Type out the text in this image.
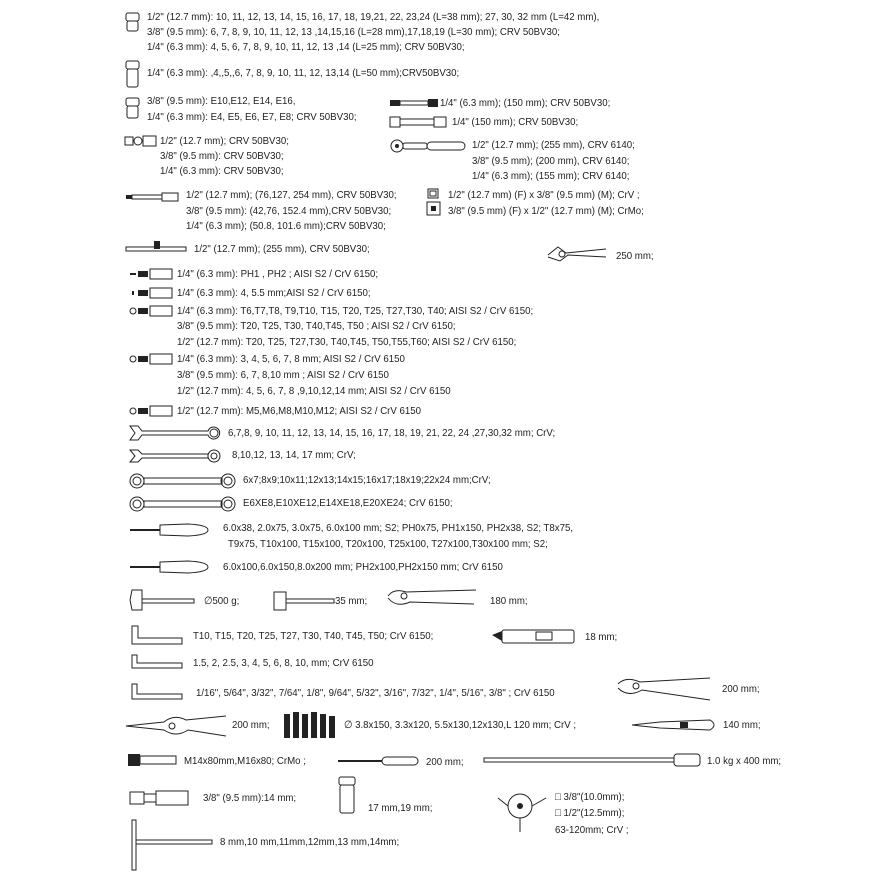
1/2" (12.7 mm): 10, 11, 12, 13, 14, 15, 16, 17, 18, 19,21, 22, 23,24 (L=38 mm); 27, 30, 32 mm (L=42 mm),
3/8" (9.5 mm): 6, 7, 8, 9, 10, 11, 12, 13 ,14,15,16 (L=28 mm),17,18,19 (L=30 mm); CRV 50BV30;
1/4" (6.3 mm): 4, 5, 6, 7, 8, 9, 10, 11, 12, 13 ,14 (L=25 mm); CRV 50BV30;
1/4" (6.3 mm): ,4,,5,,6, 7, 8, 9, 10, 11, 12, 13,14 (L=50 mm);CRV50BV30;
3/8" (9.5 mm): E10,E12, E14, E16,
1/4" (6.3 mm): E4, E5, E6, E7, E8; CRV 50BV30;
1/4" (6.3 mm); (150 mm); CRV 50BV30;
1/4" (150 mm); CRV 50BV30;
1/2" (12.7 mm); CRV 50BV30;
3/8" (9.5 mm): CRV 50BV30;
1/4" (6.3 mm): CRV 50BV30;
1/2" (12.7 mm); (255 mm), CRV 6140;
3/8" (9.5 mm); (200 mm), CRV 6140;
1/4" (6.3 mm); (155 mm); CRV 6140;
1/2" (12.7 mm); (76,127, 254 mm), CRV 50BV30;
3/8" (9.5 mm): (42,76, 152.4 mm),CRV 50BV30;
1/4" (6.3 mm); (50.8, 101.6 mm);CRV 50BV30;
1/2" (12.7 mm) (F) x 3/8" (9.5 mm) (M); CrV ;
3/8" (9.5 mm) (F) x 1/2" (12.7 mm) (M); CrMo;
1/2" (12.7 mm); (255 mm), CRV 50BV30;
250 mm;
1/4" (6.3 mm): PH1 , PH2 ; AISI S2 / CrV 6150;
1/4" (6.3 mm): 4, 5.5 mm;AISI S2 / CrV 6150;
1/4" (6.3 mm): T6,T7,T8, T9,T10, T15, T20, T25, T27,T30, T40; AISI S2 / CrV 6150;
3/8" (9.5 mm): T20, T25, T30, T40,T45, T50 ; AISI S2 / CrV 6150;
1/2" (12.7 mm): T20, T25, T27,T30, T40,T45, T50,T55,T60; AISI S2 / CrV 6150;
1/4" (6.3 mm): 3, 4, 5, 6, 7, 8 mm; AISI S2 / CrV 6150
3/8" (9.5 mm): 6, 7, 8,10 mm ; AISI S2 / CrV 6150
1/2" (12.7 mm): 4, 5, 6, 7, 8 ,9,10,12,14 mm; AISI S2 / CrV 6150
1/2" (12.7 mm): M5,M6,M8,M10,M12; AISI S2 / CrV 6150
6,7,8, 9, 10, 11, 12, 13, 14, 15, 16, 17, 18, 19, 21, 22, 24 ,27,30,32 mm; CrV;
8,10,12, 13, 14, 17 mm; CrV;
6x7;8x9;10x11;12x13;14x15;16x17;18x19;22x24 mm;CrV;
E6XE8,E10XE12,E14XE18,E20XE24; CrV 6150;
6.0x38, 2.0x75, 3.0x75, 6.0x100 mm; S2; PH0x75, PH1x150, PH2x38, S2; T8x75,
T9x75, T10x100, T15x100, T20x100, T25x100, T27x100,T30x100 mm; S2;
6.0x100,6.0x150,8.0x200 mm; PH2x100,PH2x150 mm; CrV 6150
∅500 g;	35 mm;	180 mm;
T10, T15, T20, T25, T27, T30, T40, T45, T50; CrV 6150;	18 mm;
1.5, 2, 2.5, 3, 4, 5, 6, 8, 10, mm; CrV 6150
1/16", 5/64", 3/32", 7/64", 1/8", 9/64", 5/32", 3/16", 7/32", 1/4", 5/16", 3/8" ; CrV 6150	200 mm;
200 mm;	∅ 3.8x150, 3.3x120, 5.5x130,12x130,L 120 mm; CrV ;	140 mm;
M14x80mm,M16x80; CrMo ;	200 mm;	1.0 kg x 400 mm;
3/8" (9.5 mm):14 mm;
17 mm,19 mm;
□ 3/8"(10.0mm);
□ 1/2"(12.5mm);
63-120mm; CrV ;
8 mm,10 mm,11mm,12mm,13 mm,14mm;
